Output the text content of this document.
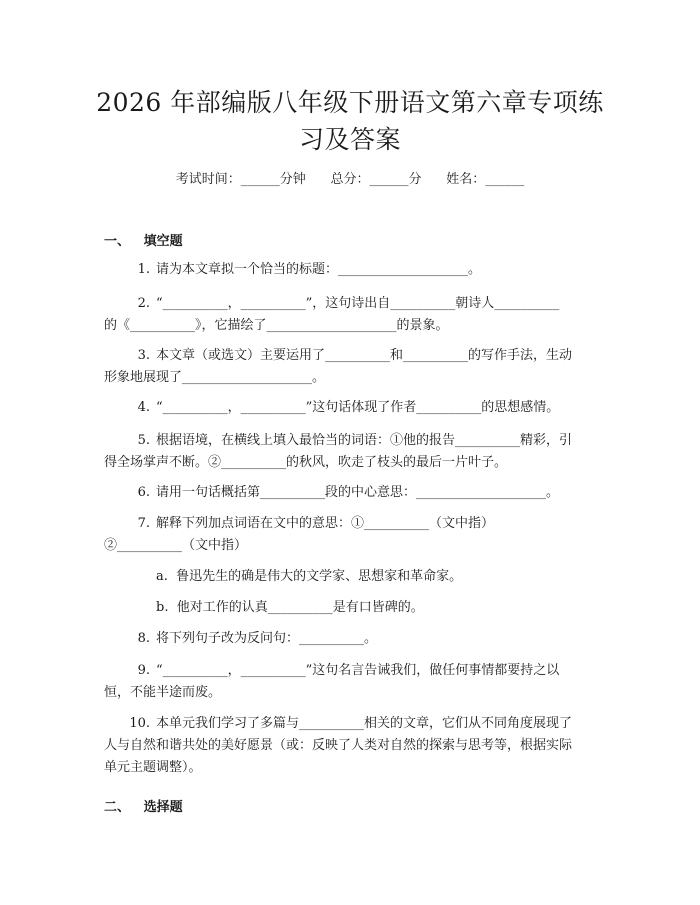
2026 年部编版八年级下册语文第六章专项练
习及答案
考试时间：______分钟      总分：______分      姓名：______
一、   填空题
1. 请为本文章拟一个恰当的标题：____________________。
2. “__________，__________”，这句诗出自__________朝诗人__________
的《__________》，它描绘了____________________的景象。
3. 本文章（或选文）主要运用了__________和__________的写作手法，生动
形象地展现了____________________。
4. “__________，__________”这句话体现了作者__________的思想感情。
5. 根据语境，在横线上填入最恰当的词语：①他的报告__________精彩，引
得全场掌声不断。②__________的秋风，吹走了枝头的最后一片叶子。
6. 请用一句话概括第__________段的中心意思：____________________。
7. 解释下列加点词语在文中的意思：①__________（文中指）
②__________（文中指）
a. 鲁迅先生的确是伟大的文学家、思想家和革命家。
b. 他对工作的认真__________是有口皆碑的。
8. 将下列句子改为反问句：__________。
9. “__________，__________”这句名言告诫我们，做任何事情都要持之以
恒，不能半途而废。
10. 本单元我们学习了多篇与__________相关的文章，它们从不同角度展现了
人与自然和谐共处的美好愿景（或：反映了人类对自然的探索与思考等，根据实际
单元主题调整）。
二、   选择题
